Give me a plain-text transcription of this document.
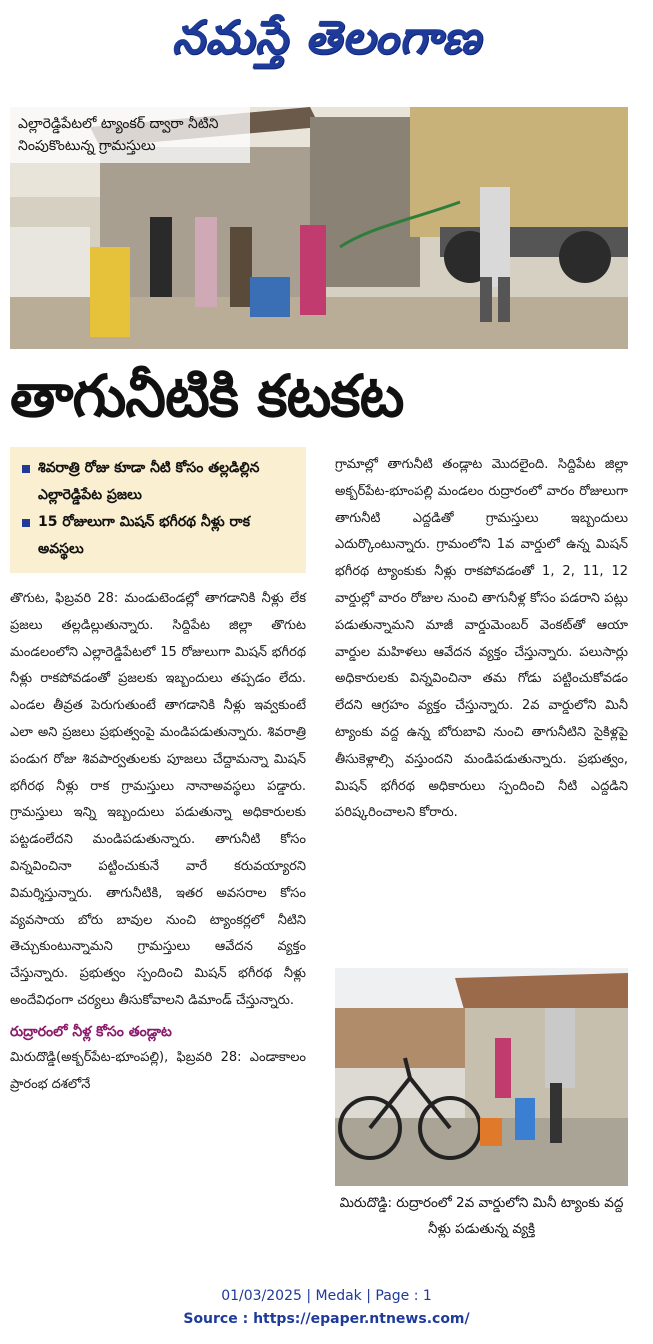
నమస్తే తెలంగాణ
ఎల్లారెడ్డిపేటలో ట్యాంకర్ ద్వారా నీటిని నింపుకొంటున్న గ్రామస్తులు
తాగునీటికి కటకట
శివరాత్రి రోజు కూడా నీటి కోసం తల్లడిల్లిన ఎల్లారెడ్డిపేట ప్రజలు
15 రోజులుగా మిషన్ భగీరథ నీళ్లు రాక అవస్థలు

తొగుట, ఫిబ్రవరి 28: మండుటెండల్లో తాగడానికి నీళ్లు లేక ప్రజలు తల్లడిల్లుతున్నారు. సిద్దిపేట జిల్లా తొగుట మండలంలోని ఎల్లారెడ్డిపేటలో 15 రోజులుగా మిషన్ భగీరథ నీళ్లు రాకపోవడంతో ప్రజలకు ఇబ్బందులు తప్పడం లేదు. ఎండల తీవ్రత పెరుగుతుంటే తాగడానికి నీళ్లు ఇవ్వకుంటే ఎలా అని ప్రజలు ప్రభుత్వంపై మండిపడుతున్నారు. శివరాత్రి పండుగ రోజు శివపార్వతులకు పూజలు చేద్దామన్నా మిషన్ భగీరథ నీళ్లు రాక గ్రామస్తులు నానాఅవస్థలు పడ్డారు. గ్రామస్తులు ఇన్ని ఇబ్బందులు పడుతున్నా అధికారులకు పట్టడంలేదని మండిపడుతున్నారు. తాగునీటి కోసం విన్నవించినా పట్టించుకునే వారే కరువయ్యారని విమర్శిస్తున్నారు. తాగునీటికి, ఇతర అవసరాల కోసం వ్యవసాయ బోరు బావుల నుంచి ట్యాంకర్లలో నీటిని తెచ్చుకుంటున్నామని గ్రామస్తులు ఆవేదన వ్యక్తం చేస్తున్నారు. ప్రభుత్వం స్పందించి మిషన్ భగీరథ నీళ్లు అందేవిధంగా చర్యలు తీసుకోవాలని డిమాండ్ చేస్తున్నారు.

రుద్రారంలో నీళ్ల కోసం తండ్లాట

మిరుదొడ్డి(అక్బర్‌పేట-భూంపల్లి), ఫిబ్రవరి 28: ఎండాకాలం ప్రారంభ దశలోనే

గ్రామాల్లో తాగునీటి తండ్లాట మొదలైంది. సిద్దిపేట జిల్లా అక్బర్‌పేట-భూంపల్లి మండలం రుద్రారంలో వారం రోజులుగా తాగునీటి ఎద్దడితో గ్రామస్తులు ఇబ్బందులు ఎదుర్కొంటున్నారు. గ్రామంలోని 1వ వార్డులో ఉన్న మిషన్ భగీరథ ట్యాంకుకు నీళ్లు రాకపోవడంతో 1, 2, 11, 12 వార్డుల్లో వారం రోజుల నుంచి తాగునీళ్ల కోసం పడరాని పట్లు పడుతున్నామని మాజీ వార్డుమెంబర్ వెంకట్‌తో ఆయా వార్డుల మహిళలు ఆవేదన వ్యక్తం చేస్తున్నారు. పలుసార్లు అధికారులకు విన్నవించినా తమ గోడు పట్టించుకోవడం లేదని ఆగ్రహం వ్యక్తం చేస్తున్నారు. 2వ వార్డులోని మినీ ట్యాంకు వద్ద ఉన్న బోరుబావి నుంచి తాగునీటిని సైకిళ్లపై తీసుకెళ్లాల్సి వస్తుందని మండిపడుతున్నారు. ప్రభుత్వం, మిషన్ భగీరథ అధికారులు స్పందించి నీటి ఎద్దడిని పరిష్కరించాలని కోరారు.

మిరుదొడ్డి: రుద్రారంలో 2వ వార్డులోని మినీ ట్యాంకు వద్ద నీళ్లు పడుతున్న వ్యక్తి
01/03/2025 | Medak | Page : 1
Source : https://epaper.ntnews.com/
